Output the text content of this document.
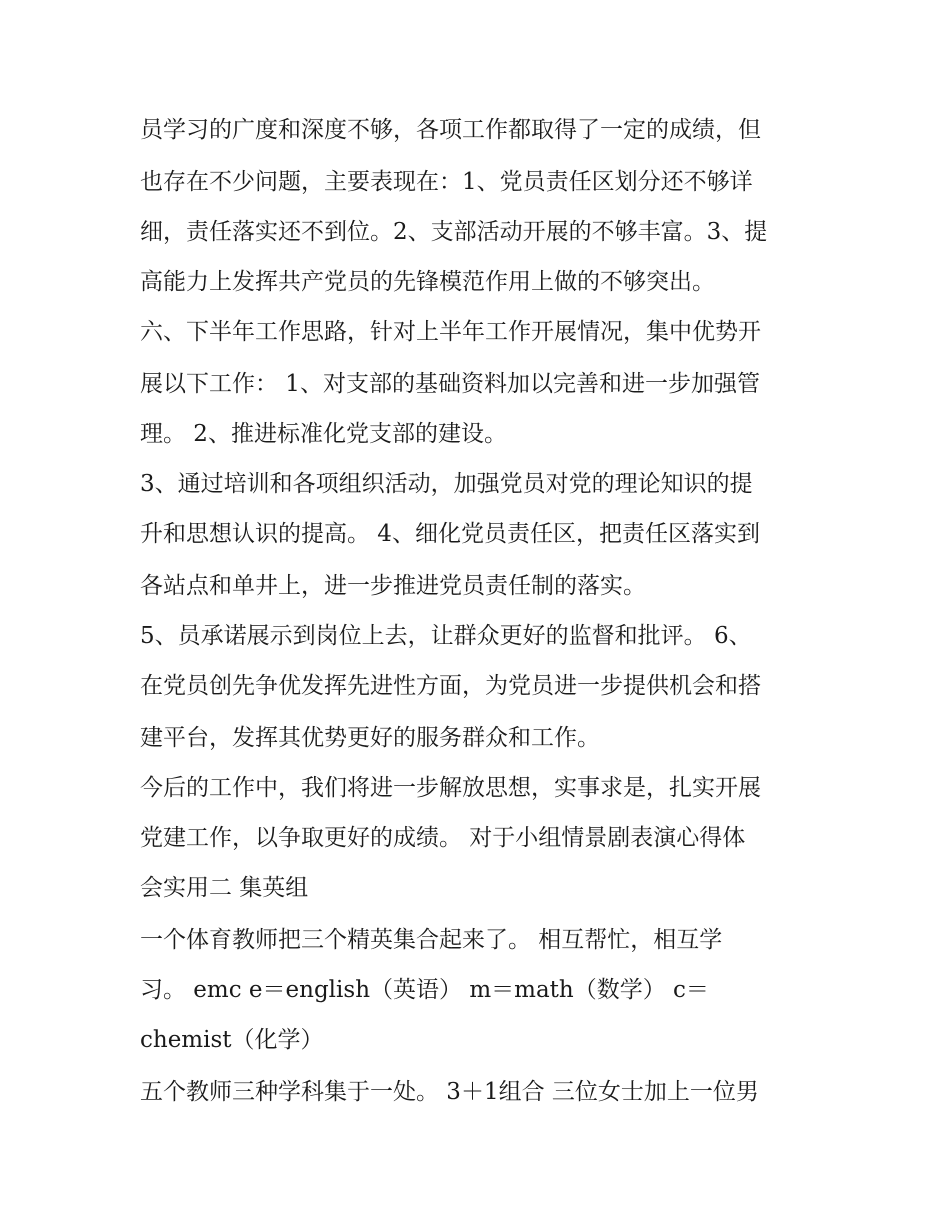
员学习的广度和深度不够，各项工作都取得了一定的成绩，但
也存在不少问题，主要表现在：1、党员责任区划分还不够详
细，责任落实还不到位。2、支部活动开展的不够丰富。3、提
高能力上发挥共产党员的先锋模范作用上做的不够突出。
六、下半年工作思路，针对上半年工作开展情况，集中优势开
展以下工作： 1、对支部的基础资料加以完善和进一步加强管
理。 2、推进标准化党支部的建设。
3、通过培训和各项组织活动，加强党员对党的理论知识的提
升和思想认识的提高。 4、细化党员责任区，把责任区落实到
各站点和单井上，进一步推进党员责任制的落实。
5、员承诺展示到岗位上去，让群众更好的监督和批评。 6、
在党员创先争优发挥先进性方面，为党员进一步提供机会和搭
建平台，发挥其优势更好的服务群众和工作。
今后的工作中，我们将进一步解放思想，实事求是，扎实开展
党建工作，以争取更好的成绩。 对于小组情景剧表演心得体
会实用二 集英组
一个体育教师把三个精英集合起来了。 相互帮忙，相互学
习。 emc e＝english（英语） m＝math（数学） c＝
chemist（化学）
五个教师三种学科集于一处。 3＋1组合 三位女士加上一位男
